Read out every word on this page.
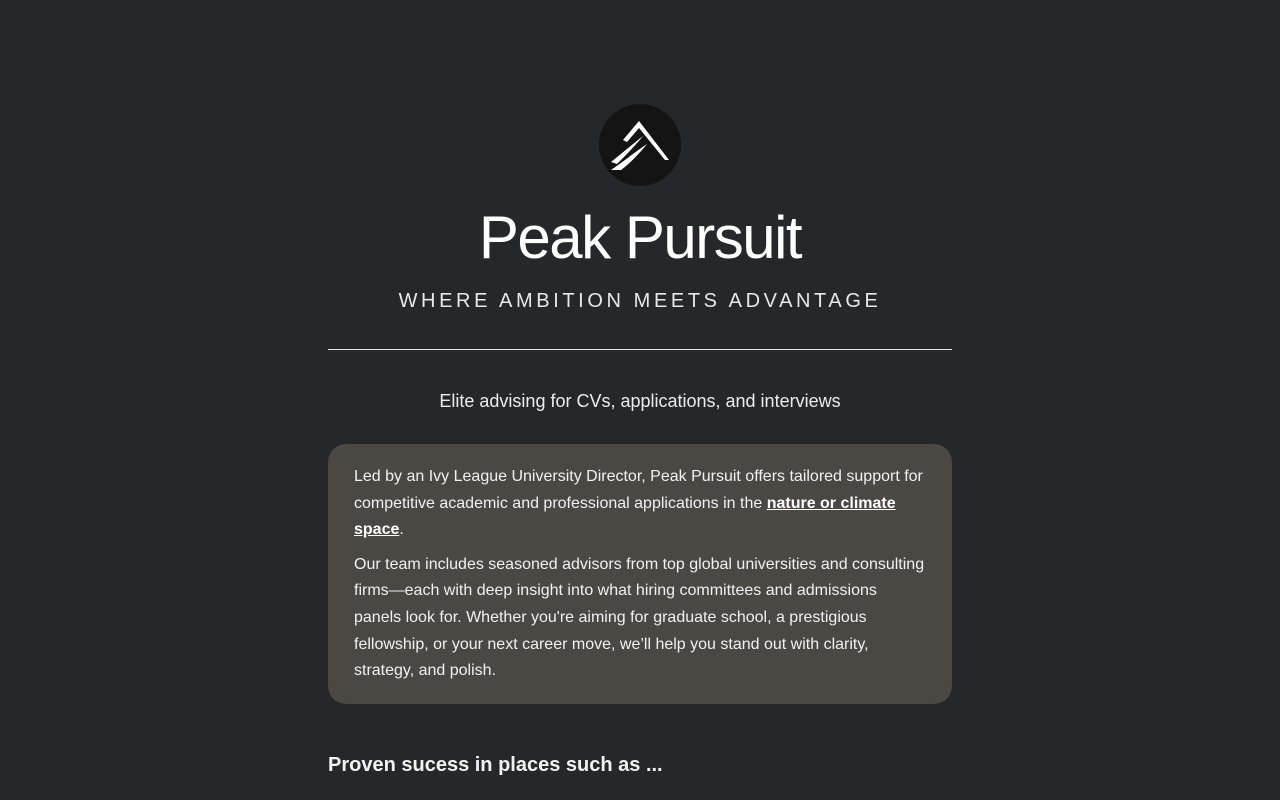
Peak Pursuit

WHERE AMBITION MEETS ADVANTAGE

Elite advising for CVs, applications, and interviews

Led by an Ivy League University Director, Peak Pursuit offers tailored support for competitive academic and professional applications in the nature or climate space.

Our team includes seasoned advisors from top global universities and consulting firms—each with deep insight into what hiring committees and admissions panels look for. Whether you're aiming for graduate school, a prestigious fellowship, or your next career move, we’ll help you stand out with clarity, strategy, and polish.

Proven sucess in places such as ...
